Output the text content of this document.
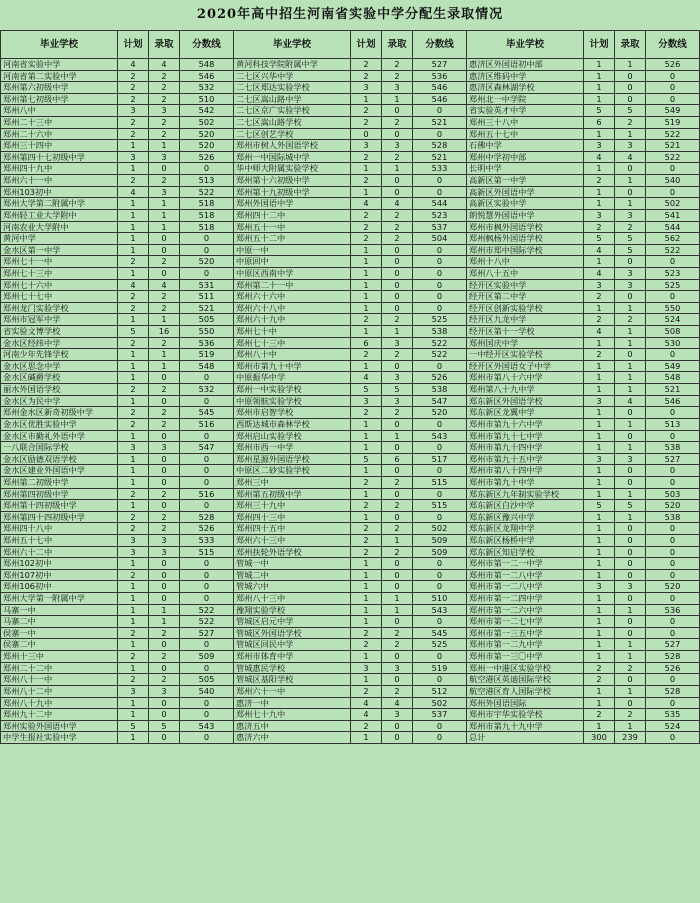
2020年高中招生河南省实验中学分配生录取情况
毕业学校	计划	录取	分数线
河南省实验中学	4	4	548
河南省第二实验中学	2	2	546
郑州第六初级中学	2	2	532
郑州第七初级中学	2	2	510
郑州八中	3	3	542
郑州二十三中	2	2	502
郑州二十六中	2	2	520
郑州三十四中	1	1	520
郑州第四十七初级中学	3	3	526
郑州四十九中	1	0	0
郑州六十一中	2	2	513
郑州103初中	4	3	522
郑州大学第二附属中学	1	1	518
郑州轻工业大学附中	1	1	518
河南农业大学附中	1	1	518
黄河中学	1	0	0
金水区第一中学	1	0	0
郑州七十一中	2	2	520
郑州七十三中	1	0	0
郑州七十六中	4	4	531
郑州七十七中	2	2	511
郑州龙门实验学校	2	2	521
郑州市冠军中学	1	1	505
省实验文博学校	5	16	550
金水区经纬中学	2	2	536
河南少年先锋学校	1	1	519
金水区思念中学	1	1	548
金水区碱爵学校	1	0	0
丽水外国语学校	2	2	532
金水区为民中学	1	0	0
郑州金水区新奇初级中学	2	2	545
金水区优胜实验中学	2	2	516
金水区市勤礼外语中学	1	0	0
一八联合国际学校	3	3	547
金水区励德双语学校	1	0	0
金水区建业外国语中学	1	0	0
郑州第二初级中学	1	0	0
郑州第四初级中学	2	2	516
郑州第十四初级中学	1	0	0
郑州第四十四初级中学	2	2	528
郑州四十八中	2	2	526
郑州五十七中	3	3	533
郑州六十二中	3	3	515
郑州102初中	1	0	0
郑州107初中	2	0	0
郑州106初中	1	0	0
郑州大学第一附属中学	1	0	0
马寨一中	1	1	522
马寨二中	1	1	522
侯寨一中	2	2	527
侯寨二中	1	0	0
郑州十三中	2	2	509
郑州二十二中	1	0	0
郑州八十一中	2	2	505
郑州八十二中	3	3	540
郑州八十九中	1	0	0
郑州九十二中	1	0	0
郑州实验外国语中学	5	5	543
中学生报社实验中学	1	0	0
毕业学校	计划	录取	分数线
黄河科技学院附属中学	2	2	527
二七区兴华中学	2	2	536
二七区郑达实验学校	3	3	546
二七区嵩山路中学	1	1	546
二七区京广实验学校	2	0	0
二七区嵩山路学校	2	2	521
二七区创艺学校	0	0	0
郑州市树人外国语学校	3	3	528
郑州一中国际城中学	2	2	521
华中师大附属实验学校	1	1	533
郑州第十六初级中学	2	0	0
郑州第十九初级中学	1	0	0
郑州外国语中学	4	4	544
郑州四十二中	2	2	523
郑州五十一中	2	2	537
郑州五十二中	2	2	504
中原一中	1	0	0
中原回中	1	0	0
中原区西南中学	1	0	0
郑州第二十一中	1	0	0
郑州六十六中	1	0	0
郑州六十八中	1	0	0
郑州六十九中	2	2	525
郑州七十中	1	1	538
郑州七十三中	6	3	522
郑州八十中	2	2	522
郑州市第九十中学	1	0	0
中原振华中学	4	3	526
郑州一中实验学校	5	5	538
中原领航实验学校	3	3	547
郑州市启智学校	2	2	520
西斯达城市森林学校	1	0	0
郑州启山实验学校	1	1	543
郑州市西一中学	1	0	0
郑州星源外国语学校	5	6	517
中原区二砂实验学校	1	0	0
郑州三中	2	2	515
郑州第五初级中学	1	0	0
郑州三十九中	2	2	515
郑州四十三中	1	0	0
郑州四十五中	2	2	502
郑州六十三中	2	1	509
郑州扶轮外语学校	2	2	509
管城一中	1	0	0
管城二中	1	0	0
管城六中	1	0	0
郑州八十三中	1	1	510
豫翔实验学校	1	1	543
管城区启元中学	1	0	0
管城区外国语学校	2	2	545
管城区回民中学	2	2	525
郑州市体育中学	1	0	0
管城惠民学校	3	3	519
管城区基阳学校	1	0	0
郑州六十一中	2	2	512
惠济一中	4	4	502
郑州七十九中	4	3	537
惠济五中	2	0	0
惠济六中	1	0	0
毕业学校	计划	录取	分数线
惠济区外国语初中部	1	1	526
惠济区维码中学	1	0	0
惠济区森林湖学校	1	0	0
郑州北一中学院	1	0	0
省实验英才中学	5	5	549
郑州三十八中	6	2	519
郑州五十七中	1	1	522
石佛中学	3	3	521
郑州中学初中部	4	4	522
长明中学	1	0	0
高新区第一中学	2	1	540
高新区外国语中学	1	0	0
高新区实验中学	1	1	502
朗悦慧外国语中学	3	3	541
郑州市枫外国语学校	2	2	544
郑州枫杨外国语学校	5	5	562
郑州市郑中国际学校	4	5	522
郑州十八中	1	0	0
郑州八十五中	4	3	523
经开区实验中学	3	3	525
经开区第二中学	2	0	0
经开区创新实验学校	1	1	550
经开区九龙中学	2	2	524
经开区第十一学校	4	1	508
郑州国庆中学	1	1	530
一中经开区实验学校	2	0	0
经开区外国语女子中学	1	1	549
郑州市第八十六中学	1	1	548
郑州第八十九中学	1	1	521
郑东新区外国语学校	3	4	546
郑东新区龙翼中学	1	0	0
郑州市第九十六中学	1	1	513
郑州市第九十七中学	1	0	0
郑州市第九十四中学	1	1	538
郑州市第九十五中学	3	3	527
郑州市第八十四中学	1	0	0
郑州市第九十中学	1	0	0
郑东新区九年制实验学校	1	1	503
郑东新区白沙中学	5	5	520
郑东新区豫兴中学	1	1	538
郑东新区龙翔中学	1	0	0
郑东新区杨桥中学	1	0	0
郑东新区知启学校	1	0	0
郑州市第一二一中学	1	0	0
郑州市第一二八中学	1	0	0
郑州市第一二八中学	3	3	520
郑州市第一二四中学	1	0	0
郑州市第一二六中学	1	1	536
郑州市第一二七中学	1	0	0
郑州市第一三五中学	1	0	0
郑州市第一二九中学	1	1	527
郑州市第一三〇中学	1	1	528
郑州一中港区实验学校	2	2	526
航空港区英迪国际学校	2	0	0
航空港区育人国际学校	1	1	528
郑州外国语国际	1	0	0
郑州市宇华实验学校	2	2	535
郑州市第九十九中学	1	1	524
总计	300	239	0
